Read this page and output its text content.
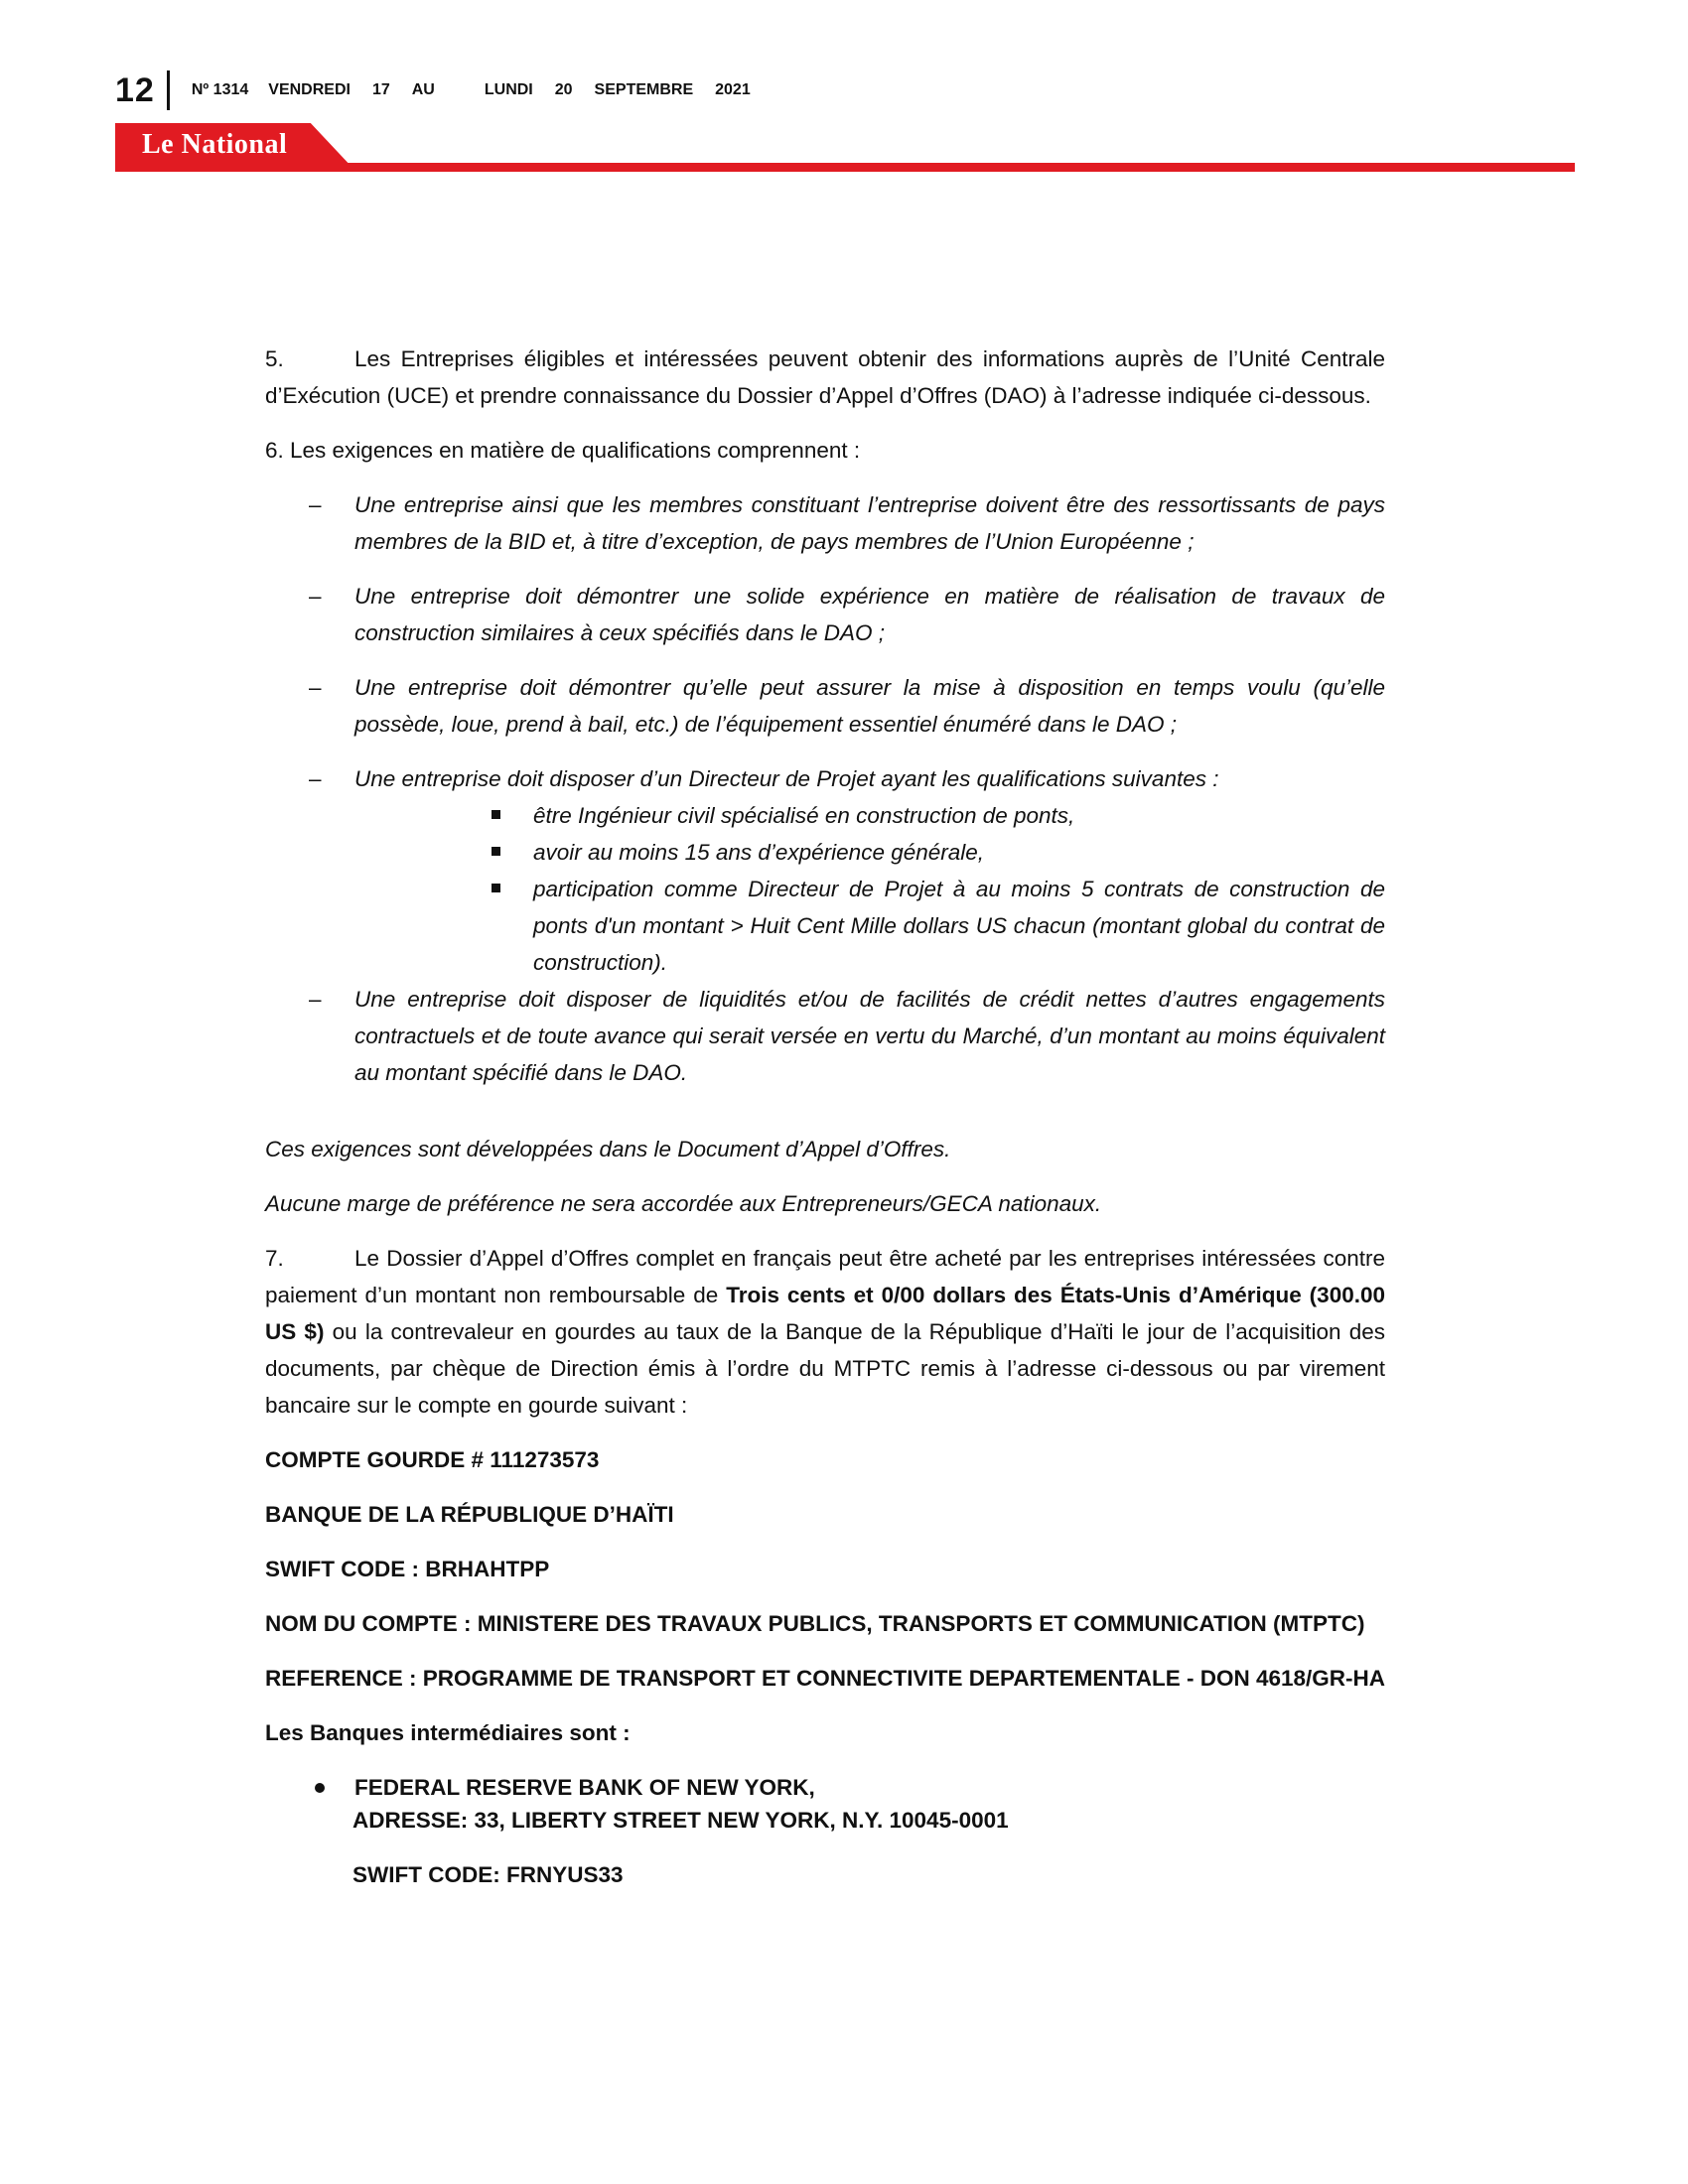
12 Nº 1314 VENDREDI 17 AU	LUNDI 20 SEPTEMBRE 2021
Le National

5.	Les Entreprises éligibles et intéressées peuvent obtenir des informations auprès de l’Unité Centrale d’Exécution (UCE) et prendre connaissance du Dossier d’Appel d’Offres (DAO) à l’adresse indiquée ci-dessous.

6. Les exigences en matière de qualifications comprennent :

– Une entreprise ainsi que les membres constituant l’entreprise doivent être des ressortissants de pays membres de la BID et, à titre d’exception, de pays membres de l’Union Européenne ;
– Une entreprise doit démontrer une solide expérience en matière de réalisation de travaux de construction similaires à ceux spécifiés dans le DAO ;
– Une entreprise doit démontrer qu’elle peut assurer la mise à disposition en temps voulu (qu’elle possède, loue, prend à bail, etc.) de l’équipement essentiel énuméré dans le DAO ;
– Une entreprise doit disposer d’un Directeur de Projet ayant les qualifications suivantes :
être Ingénieur civil spécialisé en construction de ponts,
avoir au moins 15 ans d’expérience générale,
participation comme Directeur de Projet à au moins 5 contrats de construction de ponts d'un montant > Huit Cent Mille dollars US chacun (montant global du contrat de construction).
– Une entreprise doit disposer de liquidités et/ou de facilités de crédit nettes d’autres engagements contractuels et de toute avance qui serait versée en vertu du Marché, d’un montant au moins équivalent au montant spécifié dans le DAO.

Ces exigences sont développées dans le Document d’Appel d’Offres.

Aucune marge de préférence ne sera accordée aux Entrepreneurs/GECA nationaux.

7.	Le Dossier d’Appel d’Offres complet en français peut être acheté par les entreprises intéressées contre paiement d’un montant non remboursable de Trois cents et 0/00 dollars des États-Unis d’Amérique (300.00 US $) ou la contrevaleur en gourdes au taux de la Banque de la République d’Haïti le jour de l’acquisition des documents, par chèque de Direction émis à l’ordre du MTPTC remis à l’adresse ci-dessous ou par virement bancaire sur le compte en gourde suivant :

COMPTE GOURDE # 111273573

BANQUE DE LA RÉPUBLIQUE D’HAÏTI

SWIFT CODE : BRHAHTPP

NOM DU COMPTE : MINISTERE DES TRAVAUX PUBLICS, TRANSPORTS ET COMMUNICATION (MTPTC)

REFERENCE : PROGRAMME DE TRANSPORT ET CONNECTIVITE DEPARTEMENTALE - DON 4618/GR-HA

Les Banques intermédiaires sont :

FEDERAL RESERVE BANK OF NEW YORK,

ADRESSE: 33, LIBERTY STREET NEW YORK, N.Y. 10045-0001

SWIFT CODE: FRNYUS33
